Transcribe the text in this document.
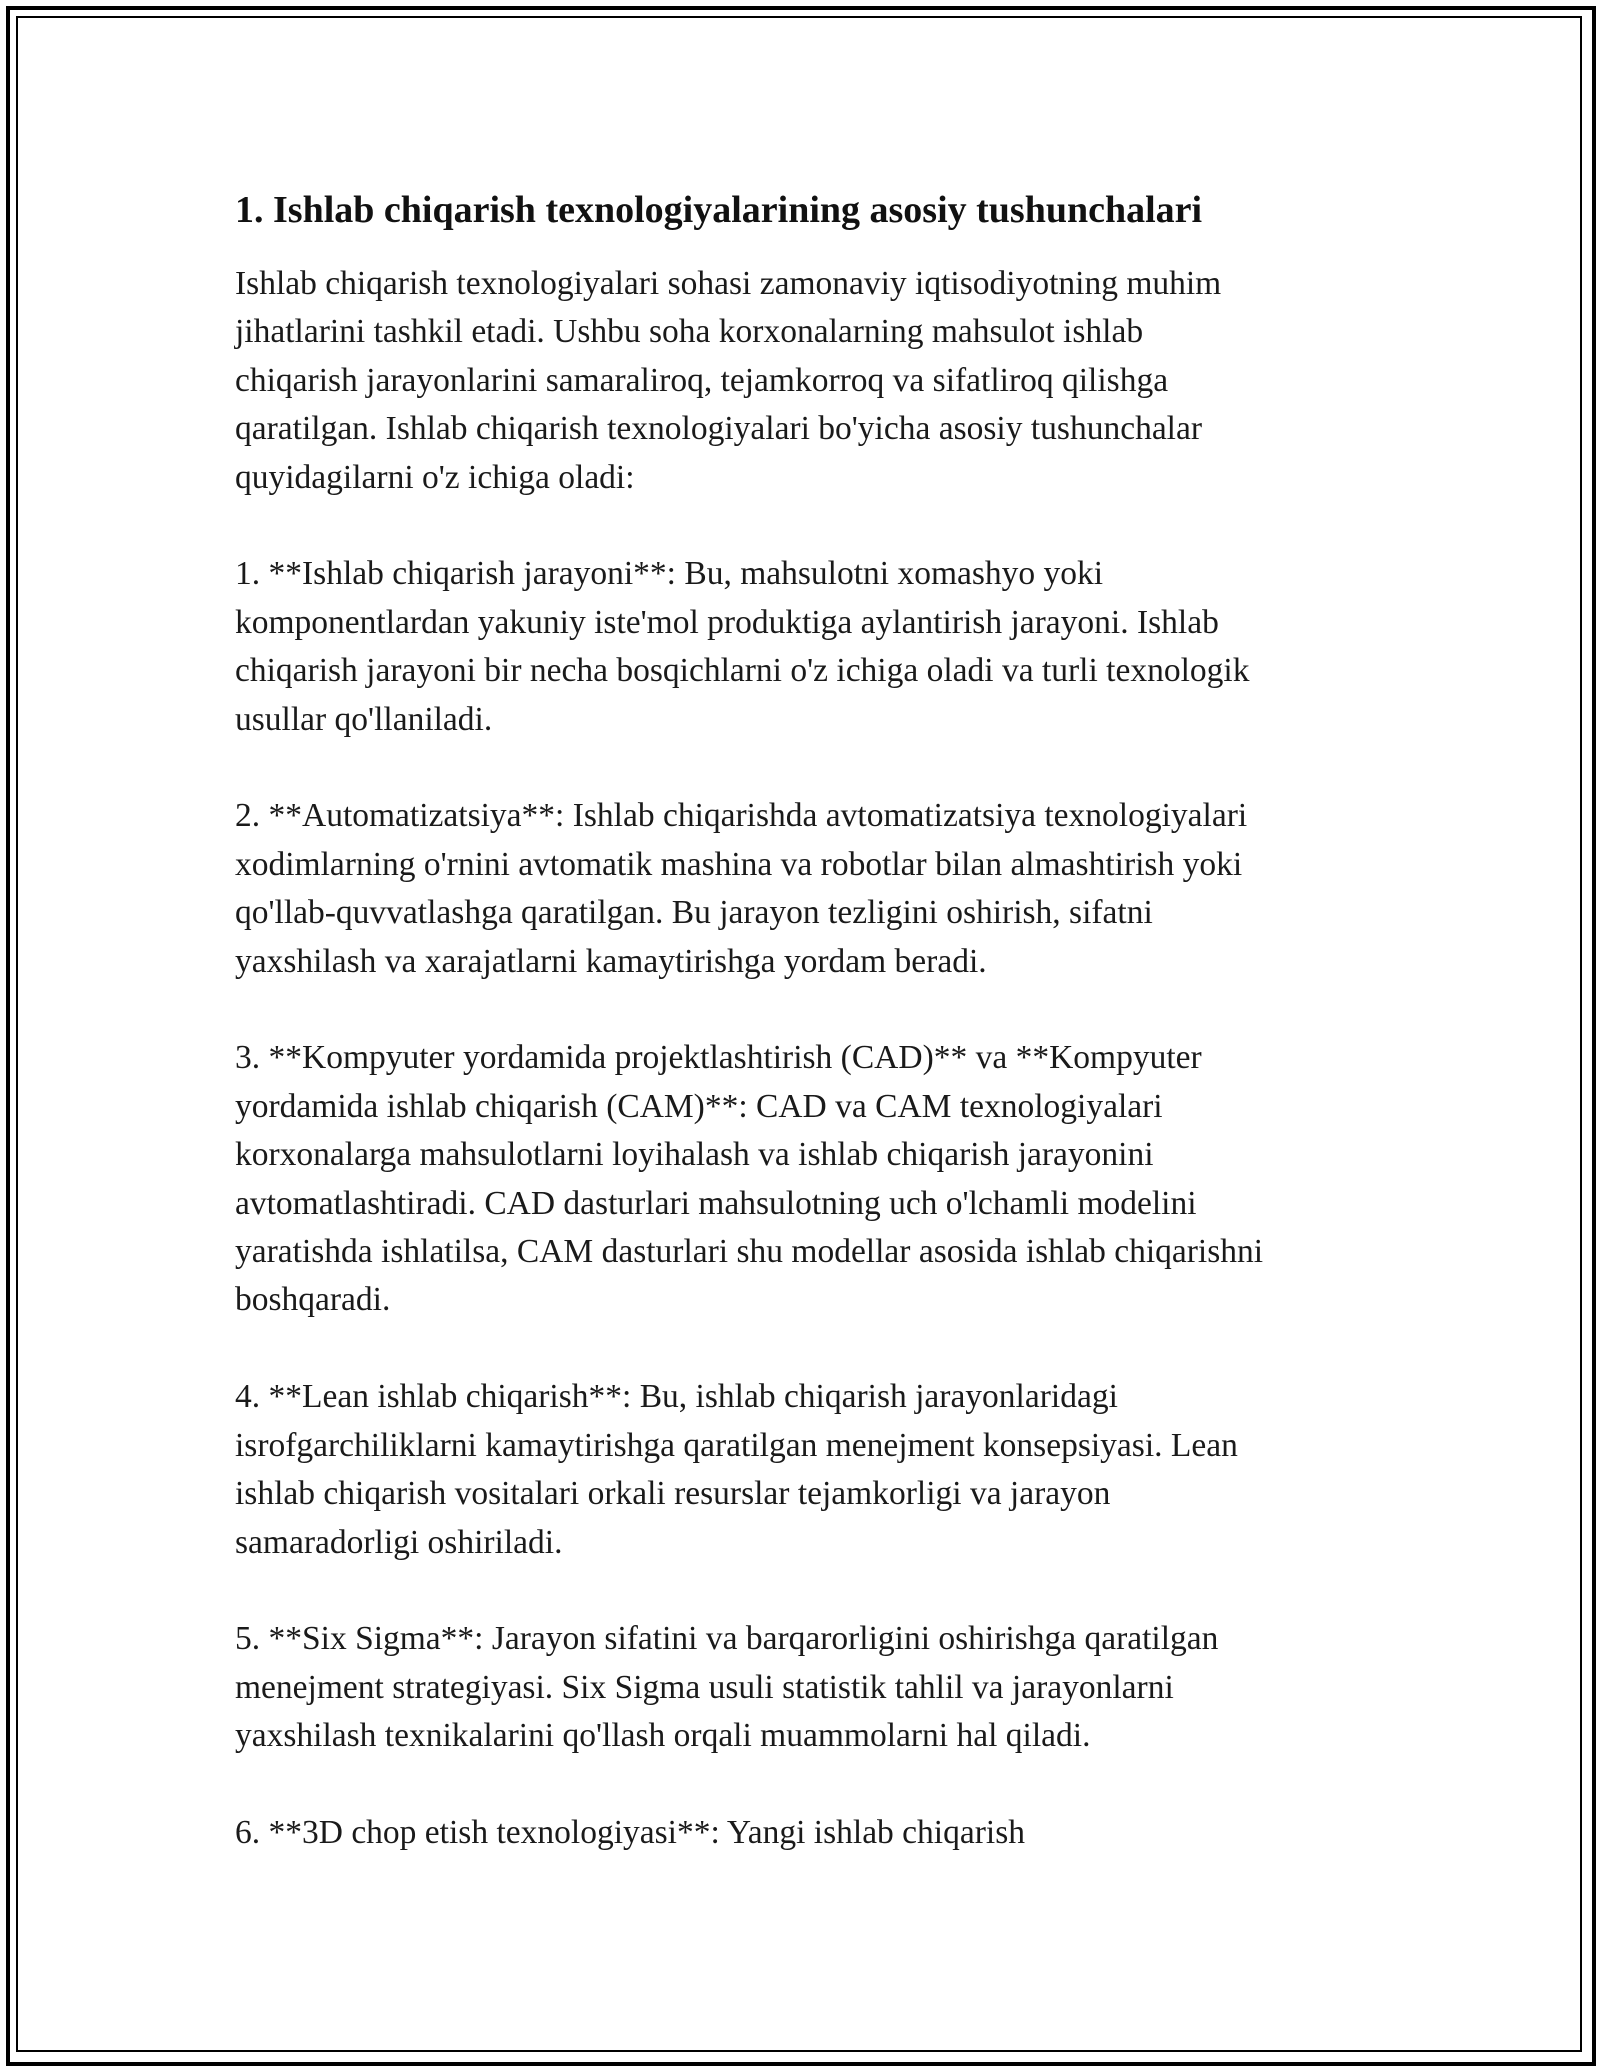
1. Ishlab chiqarish texnologiyalarining asosiy tushunchalari

Ishlab chiqarish texnologiyalari sohasi zamonaviy iqtisodiyotning muhim
jihatlarini tashkil etadi. Ushbu soha korxonalarning mahsulot ishlab
chiqarish jarayonlarini samaraliroq, tejamkorroq va sifatliroq qilishga
qaratilgan. Ishlab chiqarish texnologiyalari bo'yicha asosiy tushunchalar
quyidagilarni o'z ichiga oladi:

1. **Ishlab chiqarish jarayoni**: Bu, mahsulotni xomashyo yoki
komponentlardan yakuniy iste'mol produktiga aylantirish jarayoni. Ishlab
chiqarish jarayoni bir necha bosqichlarni o'z ichiga oladi va turli texnologik
usullar qo'llaniladi.

2. **Automatizatsiya**: Ishlab chiqarishda avtomatizatsiya texnologiyalari
xodimlarning o'rnini avtomatik mashina va robotlar bilan almashtirish yoki
qo'llab-quvvatlashga qaratilgan. Bu jarayon tezligini oshirish, sifatni
yaxshilash va xarajatlarni kamaytirishga yordam beradi.

3. **Kompyuter yordamida projektlashtirish (CAD)** va **Kompyuter
yordamida ishlab chiqarish (CAM)**: CAD va CAM texnologiyalari
korxonalarga mahsulotlarni loyihalash va ishlab chiqarish jarayonini
avtomatlashtiradi. CAD dasturlari mahsulotning uch o'lchamli modelini
yaratishda ishlatilsa, CAM dasturlari shu modellar asosida ishlab chiqarishni
boshqaradi.

4. **Lean ishlab chiqarish**: Bu, ishlab chiqarish jarayonlaridagi
isrofgarchiliklarni kamaytirishga qaratilgan menejment konsepsiyasi. Lean
ishlab chiqarish vositalari orkali resurslar tejamkorligi va jarayon
samaradorligi oshiriladi.

5. **Six Sigma**: Jarayon sifatini va barqarorligini oshirishga qaratilgan
menejment strategiyasi. Six Sigma usuli statistik tahlil va jarayonlarni
yaxshilash texnikalarini qo'llash orqali muammolarni hal qiladi.

6. **3D chop etish texnologiyasi**: Yangi ishlab chiqarish
